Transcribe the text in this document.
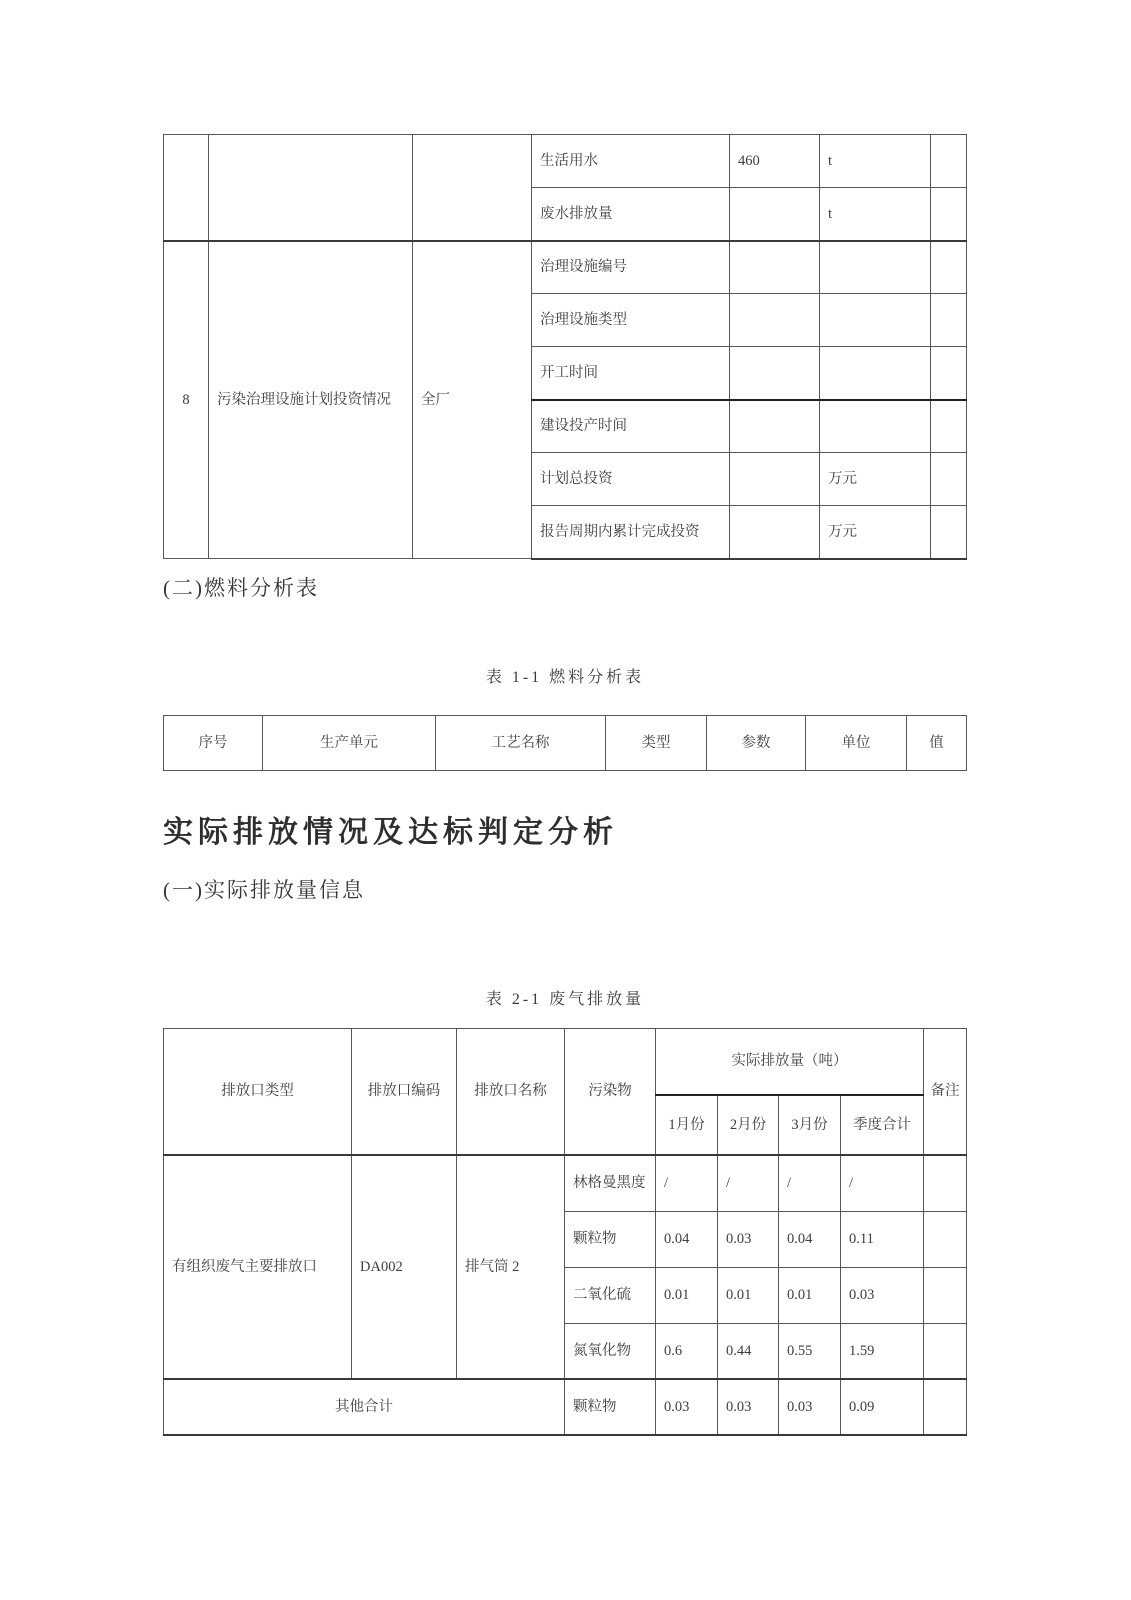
			生活用水	460	t	
			废水排放量		t	
8	污染治理设施计划投资情况	全厂	治理设施编号			
			治理设施类型			
			开工时间			
			建设投产时间			
			计划总投资		万元	
			报告周期内累计完成投资		万元	
(二)燃料分析表

表 1-1 燃料分析表

序号	生产单元	工艺名称	类型	参数	单位	值
实际排放情况及达标判定分析
(一)实际排放量信息

表 2-1 废气排放量

排放口类型	排放口编码	排放口名称	污染物	实际排放量（吨）				备注
				1月份	2月份	3月份	季度合计	
有组织废气主要排放口	DA002	排气筒 2	林格曼黑度	/	/	/	/	
			颗粒物	0.04	0.03	0.04	0.11	
			二氧化硫	0.01	0.01	0.01	0.03	
			氮氧化物	0.6	0.44	0.55	1.59	
其他合计			颗粒物	0.03	0.03	0.03	0.09	
